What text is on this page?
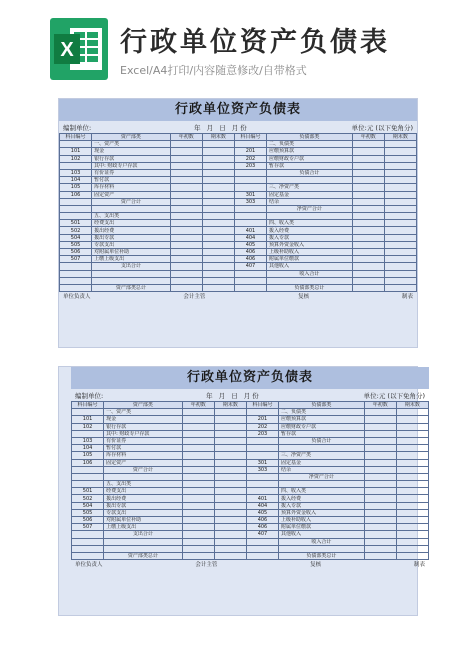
X 行政单位资产负债表
Excel/A4打印/内容随意修改/自带格式
行政单位资产负债表
编制单位:	年 月 日 月份	单位:元 (以下免角分)
科目编号	资产部类	年初数	期末数	科目编号	负债部类	年初数	期末数
	一、资产类				二、负债类		
101	现金			201	应缴预算款		
102	银行存款			202	应缴财政专户款		
	其中: 财政专户存款			203	暂存款		
103	有价证券				负债合计		
104	暂付款						
105	库存材料				三、净资产类		
106	固定资产			301	固定基金		
	资产合计			303	结余		
					净资产合计		
	五、支出类						
501	经费支出				四、收入类		
502	拨出经费			401	拨入经费		
504	拨出专款			404	拨入专款		
505	专款支出			405	预算外资金收入		
506	对附属单位补助			406	上级补助收入		
507	上缴上级支出			406	附属单位缴款		
	支出合计			407	其他收入		
					收入合计		

	资产部类总计				负债部类总计		
单位负责人	会计主管	复核	制表
行政单位资产负债表
编制单位:	年 月 日 月份	单位:元 (以下免角分)
科目编号	资产部类	年初数	期末数	科目编号	负债部类	年初数	期末数
	一、资产类				二、负债类		
101	现金			201	应缴预算款		
102	银行存款			202	应缴财政专户款		
	其中: 财政专户存款			203	暂存款		
103	有价证券				负债合计		
104	暂付款						
105	库存材料				三、净资产类		
106	固定资产			301	固定基金		
	资产合计			303	结余		
					净资产合计		
	五、支出类						
501	经费支出				四、收入类		
502	拨出经费			401	拨入经费		
504	拨出专款			404	拨入专款		
505	专款支出			405	预算外资金收入		
506	对附属单位补助			406	上级补助收入		
507	上缴上级支出			406	附属单位缴款		
	支出合计			407	其他收入		
					收入合计		

	资产部类总计				负债部类总计		
单位负责人	会计主管	复核	制表
